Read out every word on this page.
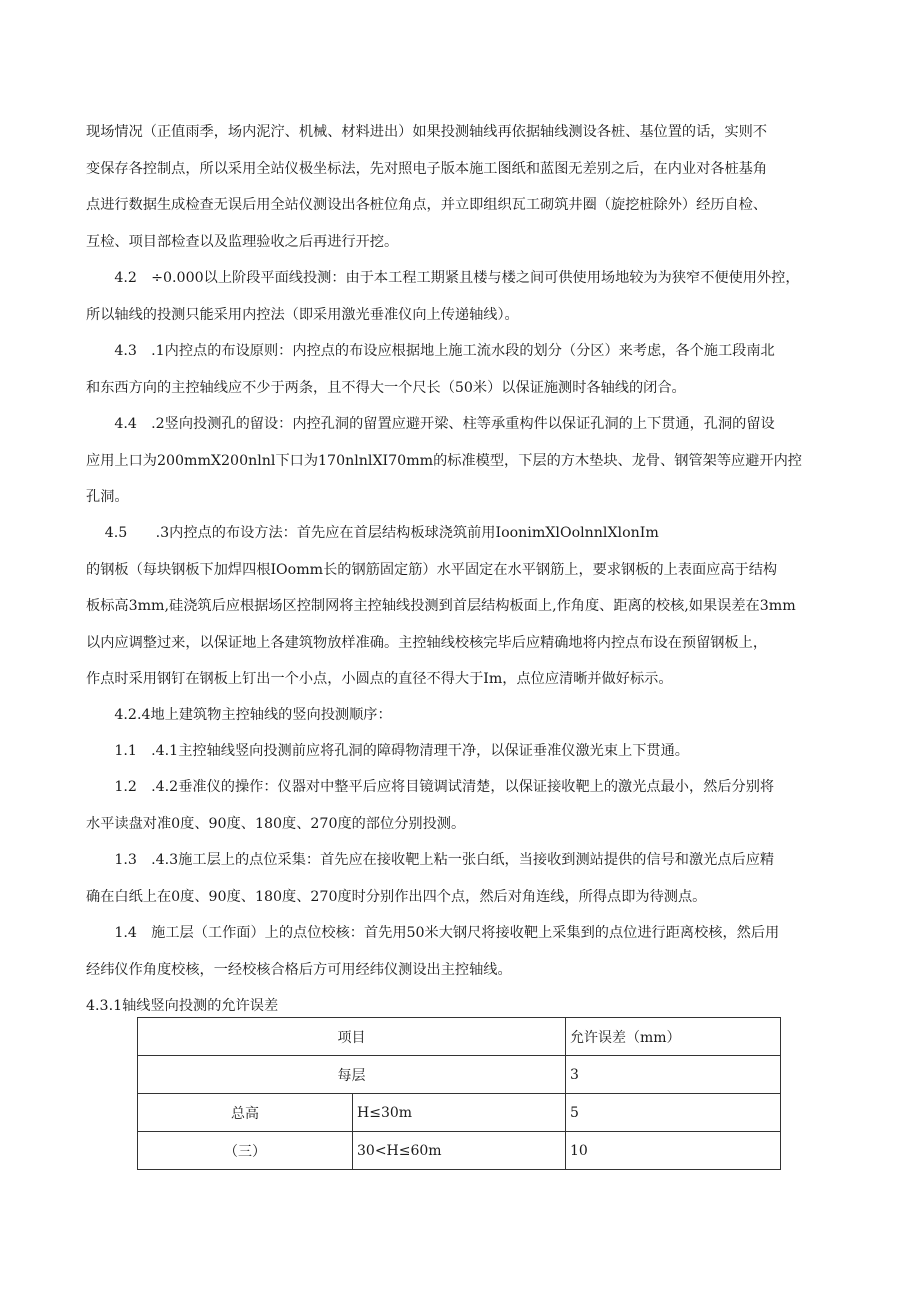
现场情况（正值雨季，场内泥泞、机械、材料进出）如果投测轴线再依据轴线测设各桩、基位置的话，实则不
变保存各控制点，所以采用全站仪极坐标法，先对照电子版本施工图纸和蓝图无差别之后，在内业对各桩基角
点进行数据生成检查无误后用全站仪测设出各桩位角点，并立即组织瓦工砌筑井圈（旋挖桩除外）经历自检、
互检、项目部检查以及监理验收之后再进行开挖。
　　4.2　÷0.000以上阶段平面线投测：由于本工程工期紧且楼与楼之间可供使用场地较为为狭窄不便使用外控，
所以轴线的投测只能采用内控法（即采用激光垂准仪向上传递轴线）。
　　4.3　.1内控点的布设原则：内控点的布设应根据地上施工流水段的划分（分区）来考虑，各个施工段南北
和东西方向的主控轴线应不少于两条，且不得大一个尺长（50米）以保证施测时各轴线的闭合。
　　4.4　.2竖向投测孔的留设：内控孔洞的留置应避开梁、柱等承重构件以保证孔洞的上下贯通，孔洞的留设
应用上口为200mmX200nlnl下口为170nlnlXI70mm的标准模型，下层的方木垫块、龙骨、钢管架等应避开内控
孔洞。
　 4.5　　.3内控点的布设方法：首先应在首层结构板球浇筑前用IoonimXlOolnnlXlonIm
的钢板（每块钢板下加焊四根IOomm长的钢筋固定筋）水平固定在水平钢筋上，要求钢板的上表面应高于结构
板标高3mm,硅浇筑后应根据场区控制网将主控轴线投测到首层结构板面上,作角度、距离的校核,如果误差在3mm
以内应调整过来，以保证地上各建筑物放样准确。主控轴线校核完毕后应精确地将内控点布设在预留钢板上，
作点时采用钢钉在钢板上钉出一个小点，小圆点的直径不得大于Im，点位应清晰并做好标示。
　　4.2.4地上建筑物主控轴线的竖向投测顺序：
　　1.1　.4.1主控轴线竖向投测前应将孔洞的障碍物清理干净，以保证垂准仪激光束上下贯通。
　　1.2　.4.2垂准仪的操作：仪器对中整平后应将目镜调试清楚，以保证接收靶上的激光点最小，然后分别将
水平读盘对准0度、90度、180度、270度的部位分别投测。
　　1.3　.4.3施工层上的点位采集：首先应在接收靶上粘一张白纸，当接收到测站提供的信号和激光点后应精
确在白纸上在0度、90度、180度、270度时分别作出四个点，然后对角连线，所得点即为待测点。
　　1.4　施工层（工作面）上的点位校核：首先用50米大钢尺将接收靶上采集到的点位进行距离校核，然后用
经纬仪作角度校核，一经校核合格后方可用经纬仪测设出主控轴线。

4.3.1轴线竖向投测的允许误差

项目		允许误差（mm）
每层		3
总高	H≤30m	5
（三）	30<H≤60m	10
